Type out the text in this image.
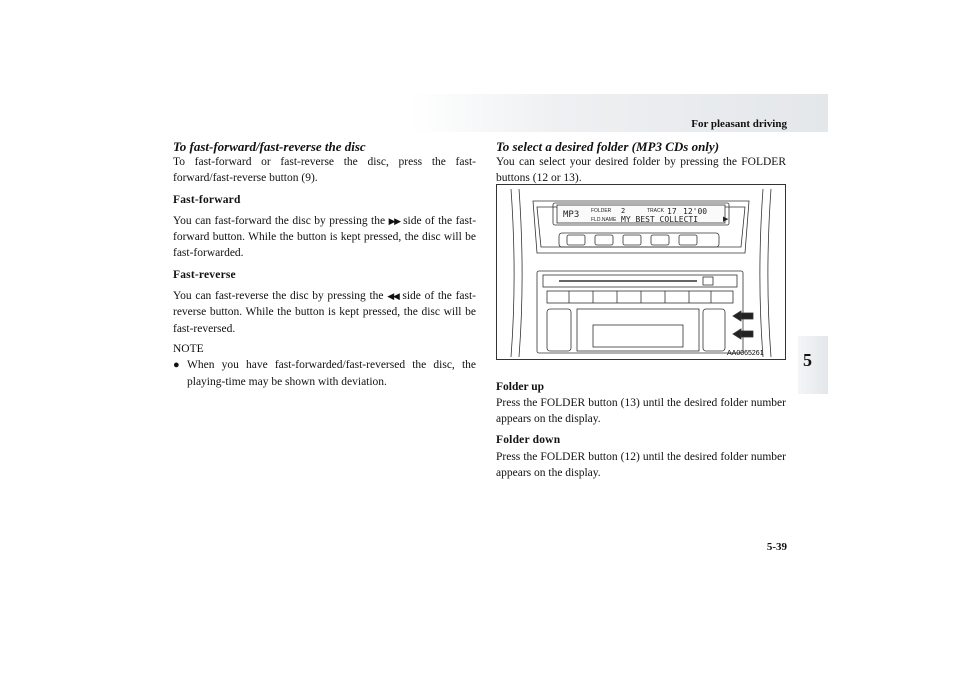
For pleasant driving
5
To fast-forward/fast-reverse the disc

To fast-forward or fast-reverse the disc, press the fast-forward/fast-reverse button (9).

Fast-forward

You can fast-forward the disc by pressing the ▶▶ side of the fast-forward button. While the button is kept pressed, the disc will be fast-forwarded.

Fast-reverse

You can fast-reverse the disc by pressing the ◀◀ side of the fast-reverse button. While the button is kept pressed, the disc will be fast-reversed.

NOTE
● When you have fast-forwarded/fast-reversed the disc, the playing-time may be shown with deviation.

To select a desired folder (MP3 CDs only)

You can select your desired folder by pressing the FOLDER buttons (12 or 13).

Folder up

Press the FOLDER button (13) until the desired folder number appears on the display.

Folder down

Press the FOLDER button (12) until the desired folder number appears on the display.

MP3 FOLDER 2	TRACK 17 12'00
FLD.NAME MY BEST COLLECTI	▶
AA0065261
5-39
